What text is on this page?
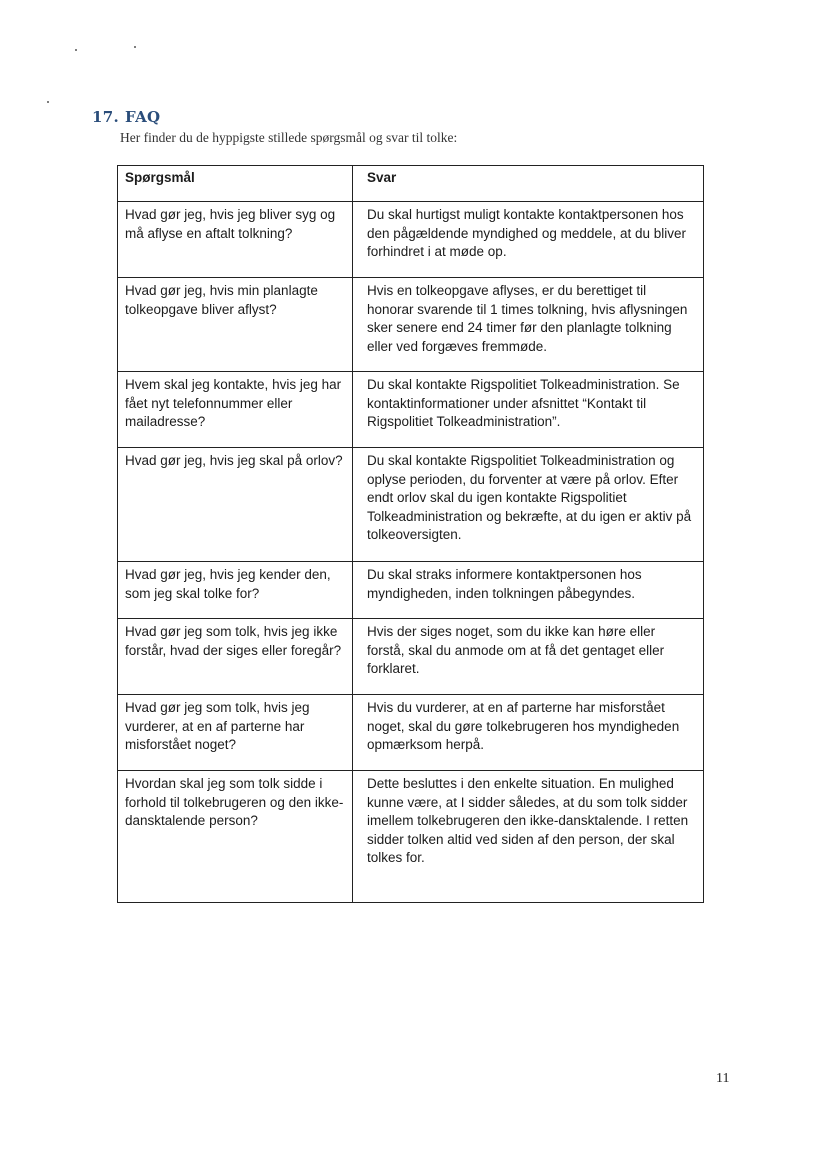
17. FAQ
Her finder du de hyppigste stillede spørgsmål og svar til tolke:
Spørgsmål	Svar
Hvad gør jeg, hvis jeg bliver syg og må aflyse en aftalt tolkning?	Du skal hurtigst muligt kontakte kontaktpersonen hos den pågældende myndighed og meddele, at du bliver forhindret i at møde op.
Hvad gør jeg, hvis min planlagte tolkeopgave bliver aflyst?	Hvis en tolkeopgave aflyses, er du berettiget til honorar svarende til 1 times tolkning, hvis aflysningen sker senere end 24 timer før den planlagte tolkning eller ved forgæves fremmøde.
Hvem skal jeg kontakte, hvis jeg har fået nyt telefonnummer eller mailadresse?	Du skal kontakte Rigspolitiet Tolkeadministration. Se kontaktinformationer under afsnittet “Kontakt til Rigspolitiet Tolkeadministration”.
Hvad gør jeg, hvis jeg skal på orlov?	Du skal kontakte Rigspolitiet Tolkeadministration og oplyse perioden, du forventer at være på orlov. Efter endt orlov skal du igen kontakte Rigspolitiet Tolkeadministration og bekræfte, at du igen er aktiv på tolkeoversigten.
Hvad gør jeg, hvis jeg kender den, som jeg skal tolke for?	Du skal straks informere kontaktpersonen hos myndigheden, inden tolkningen påbegyndes.
Hvad gør jeg som tolk, hvis jeg ikke forstår, hvad der siges eller foregår?	Hvis der siges noget, som du ikke kan høre eller forstå, skal du anmode om at få det gentaget eller forklaret.
Hvad gør jeg som tolk, hvis jeg vurderer, at en af parterne har misforstået noget?	Hvis du vurderer, at en af parterne har misforstået noget, skal du gøre tolkebrugeren hos myndigheden opmærksom herpå.
Hvordan skal jeg som tolk sidde i forhold til tolkebrugeren og den ikke-dansktalende person?	Dette besluttes i den enkelte situation. En mulighed kunne være, at I sidder således, at du som tolk sidder imellem tolkebrugeren den ikke-dansktalende. I retten sidder tolken altid ved siden af den person, der skal tolkes for.
11
